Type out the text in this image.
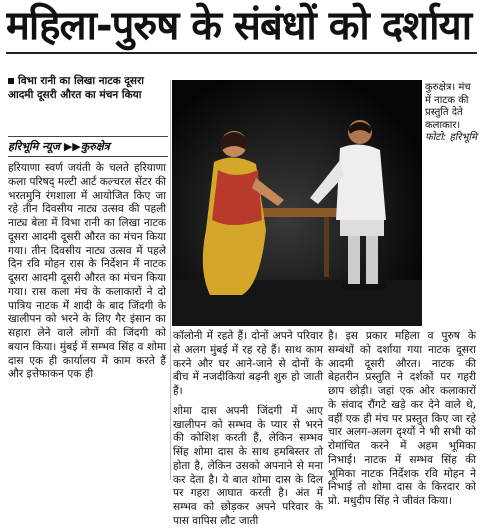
महिला-पुरुष के संबंधों को दर्शाया
विभा रानी का लिखा नाटक दूसरा आदमी दूसरी औरत का मंचन किया
हरिभूमि न्यूज ▶▶कुरुक्षेत्र

हरियाणा स्वर्ण जयंती के चलते हरियाणा कला परिषद् मल्टी आर्ट कल्चरल सेंटर की भरतमुनि रंगशाला में आयोजित किए जा रहे तीन दिवसीय नाट्य उत्सव की पहली नाट्य बेला में विभा रानी का लिखा नाटक दूसरा आदमी दूसरी औरत का मंचन किया गया। तीन दिवसीय नाट्य उत्सव में पहले दिन रवि मोहन रास के निर्देशन में नाटक दूसरा आदमी दूसरी औरत का मंचन किया गया। रास कला मंच के कलाकारों ने दो पात्रिय नाटक में शादी के बाद जिंदगी के खालीपन को भरने के लिए गैर इंसान का सहारा लेने वाले लोगों की जिंदगी को बयान किया। मुंबई में सम्भव सिंह व शोमा दास एक ही कार्यालय में काम करते हैं और इत्तेफाकन एक ही

कुरुक्षेत्र। मंच में नाटक की प्रस्तुति देते कलाकार।
फोटो: हरिभूमि

कॉलोनी में रहते हैं। दोनों अपने परिवार से अलग मुंबई में रह रहे हैं। साथ काम करने और घर आने-जाने से दोनों के बीच में नजदीकियां बढ़नी शुरु हो जाती हैं।

शोमा दास अपनी जिंदगी में आए खालीपन को सम्भव के प्यार से भरने की कोशिश करती हैं, लेकिन सम्भव सिंह शोमा दास के साथ हमबिस्तर तो होता है, लेकिन उसको अपनाने से मना कर देता है। ये बात शोमा दास के दिल पर गहरा आघात करती है। अंत में सम्भव को छोड़कर अपने परिवार के पास वापिस लौट जाती

है। इस प्रकार महिला व पुरुष के सम्बंधों को दर्शाया गया नाटक दूसरा आदमी दूसरी औरत। नाटक की बेहतरीन प्रस्तुति ने दर्शकों पर गहरी छाप छोड़ी। जहां एक ओर कलाकारों के संवाद रौंगटे खड़े कर देने वाले थे, वहीं एक ही मंच पर प्रस्तुत किए जा रहे चार अलग-अलग दृश्यों ने भी सभी को रोमांचित करने में अहम भूमिका निभाई। नाटक में सम्भव सिंह की भूमिका नाटक निर्देशक रवि मोहन ने निभाई तो शोमा दास के किरदार को प्रो. मधुदीप सिंह ने जीवंत किया।
